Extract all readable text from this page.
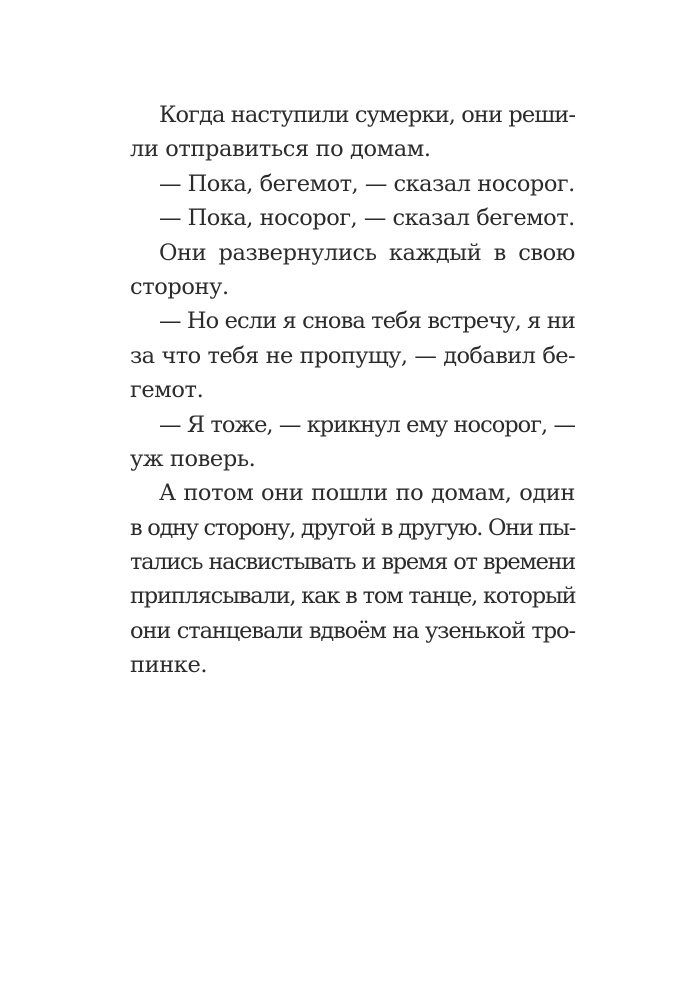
Когда наступили сумерки, они реши-
ли отправиться по домам.
— Пока, бегемот, — сказал носорог.
— Пока, носорог, — сказал бегемот.
Они развернулись каждый в свою
сторону.
— Но если я снова тебя встречу, я ни
за что тебя не пропущу, — добавил бе-
гемот.
— Я тоже, — крикнул ему носорог, —
уж поверь.
А потом они пошли по домам, один
в одну сторону, другой в другую. Они пы-
тались насвистывать и время от времени
приплясывали, как в том танце, который
они станцевали вдвоём на узенькой тро-
пинке.
